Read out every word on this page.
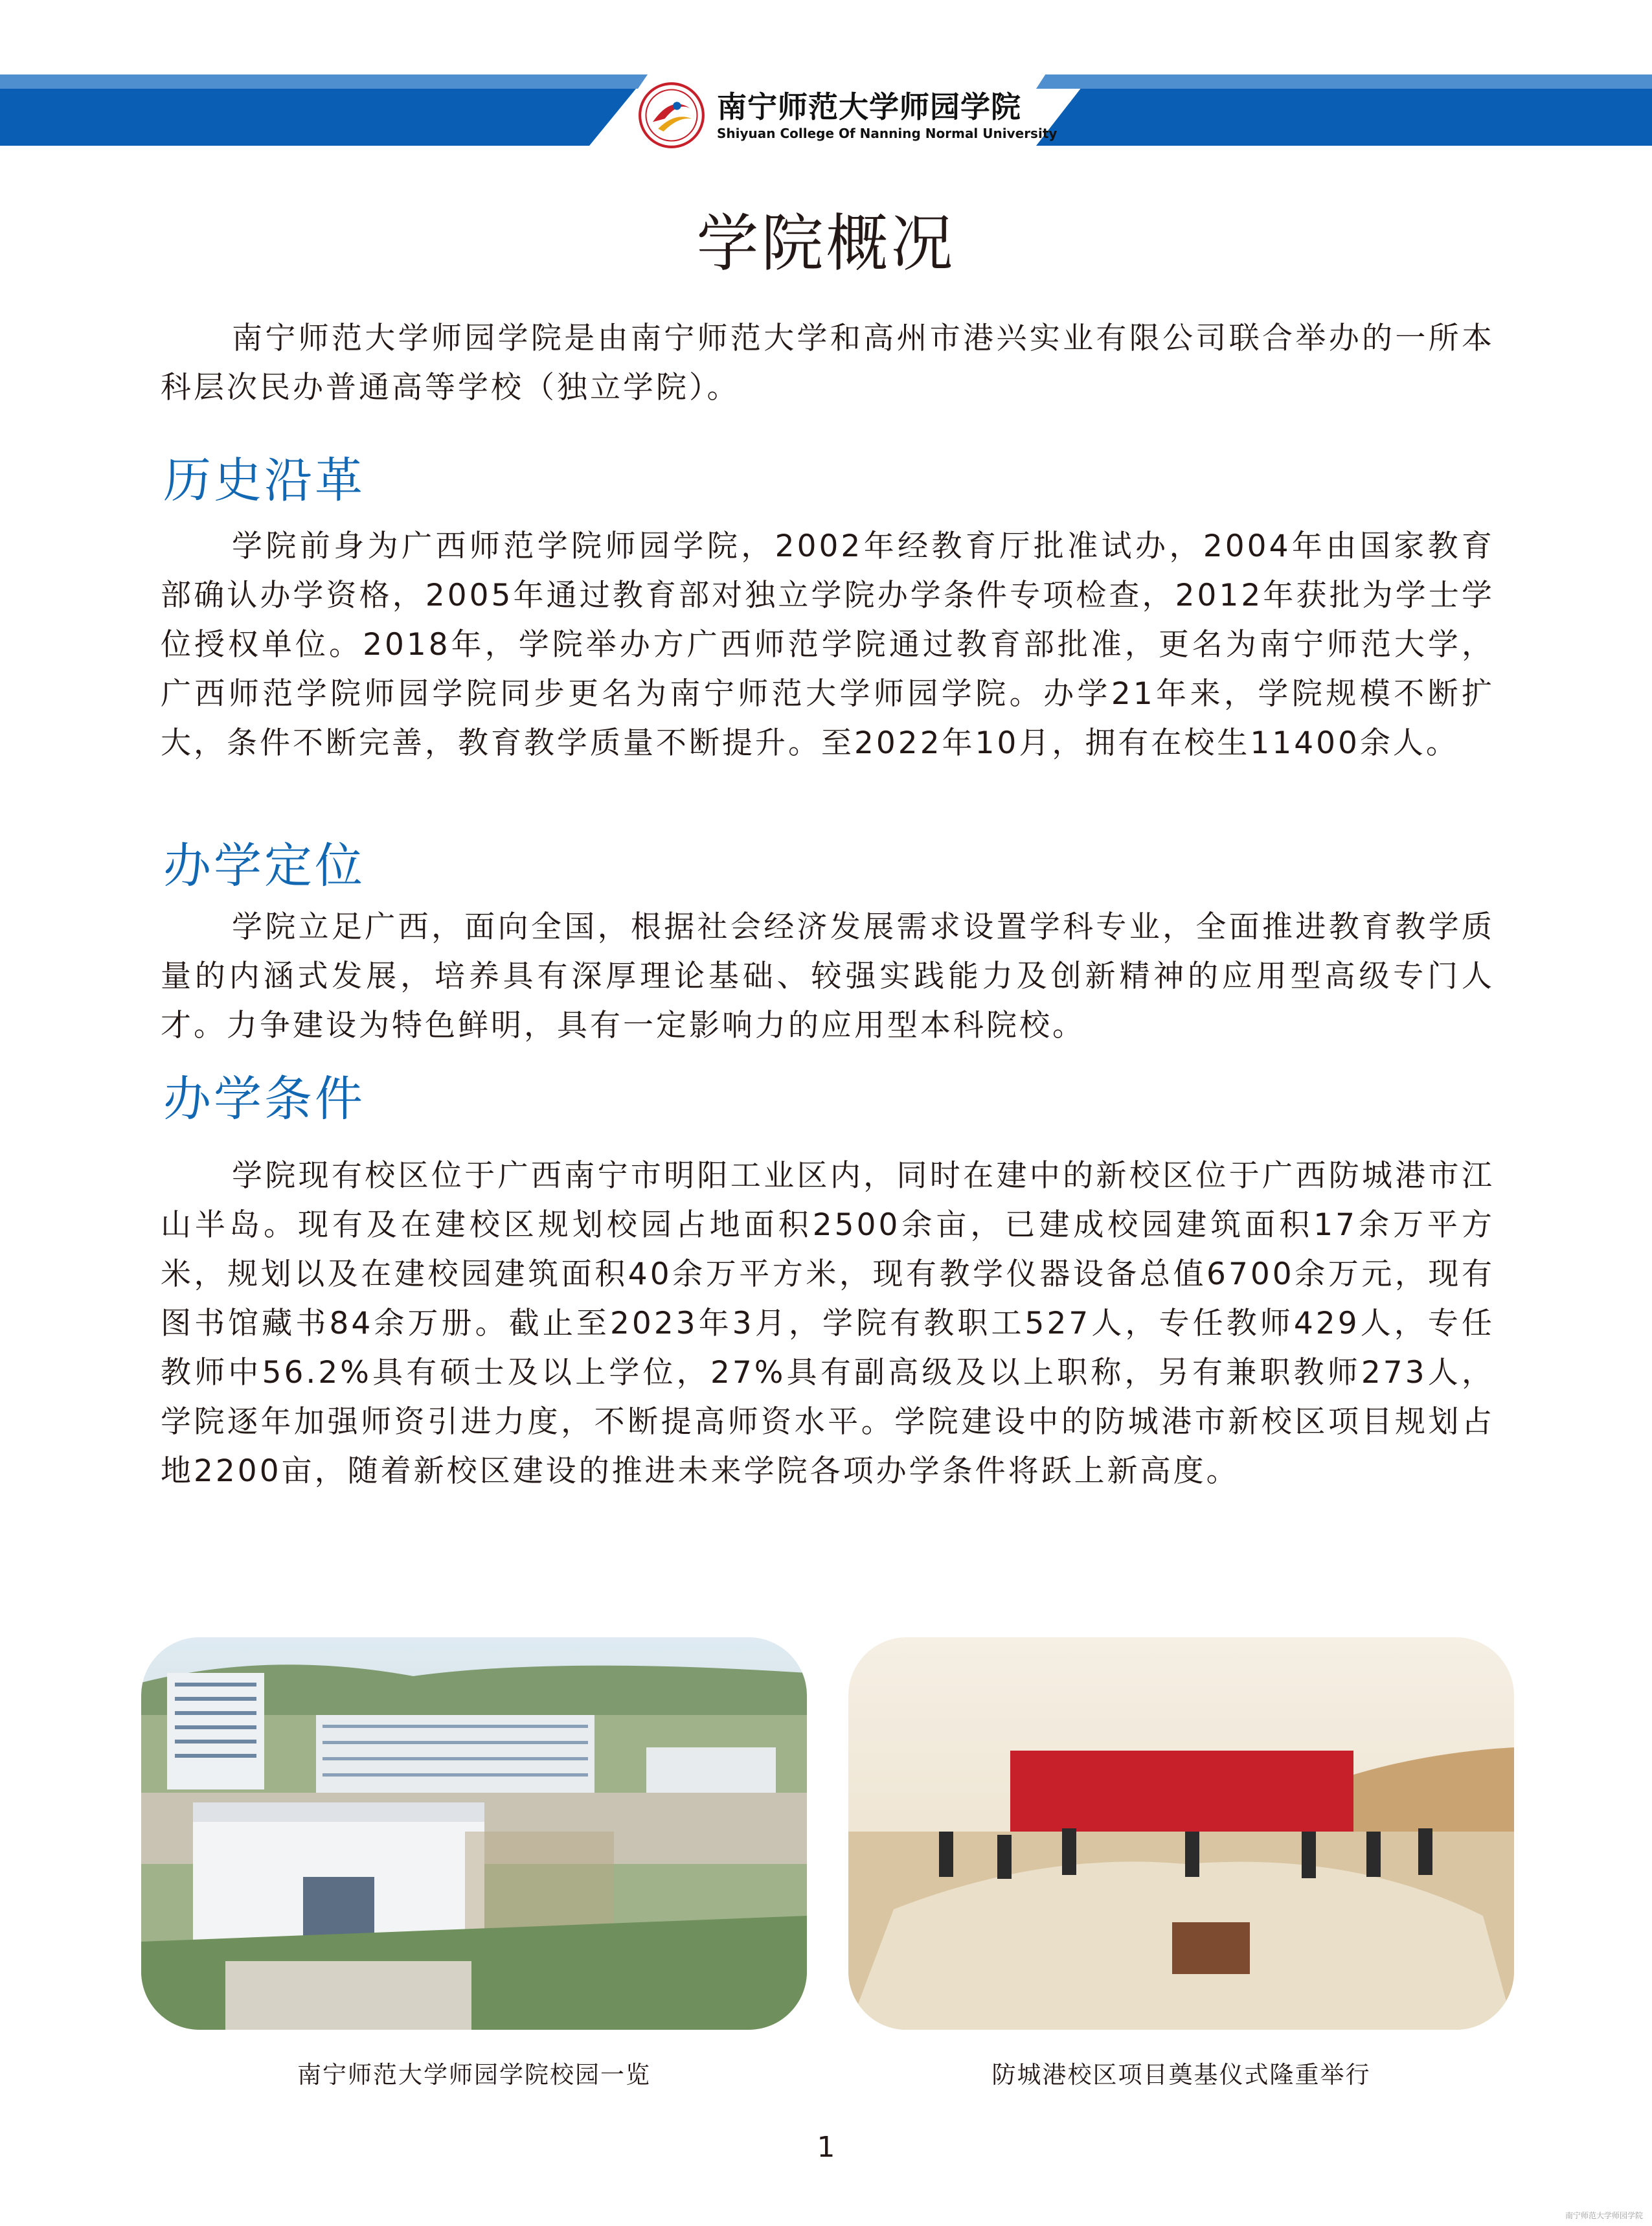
南宁师范大学师园学院
Shiyuan College Of Nanning Normal University
学院概况
南宁师范大学师园学院是由南宁师范大学和高州市港兴实业有限公司联合举办的一所本科层次民办普通高等学校（独立学院）。
历史沿革
学院前身为广西师范学院师园学院，2002年经教育厅批准试办，2004年由国家教育部确认办学资格，2005年通过教育部对独立学院办学条件专项检查，2012年获批为学士学位授权单位。2018年，学院举办方广西师范学院通过教育部批准，更名为南宁师范大学，广西师范学院师园学院同步更名为南宁师范大学师园学院。办学21年来，学院规模不断扩大，条件不断完善，教育教学质量不断提升。至2022年10月，拥有在校生11400余人。
办学定位
学院立足广西，面向全国，根据社会经济发展需求设置学科专业，全面推进教育教学质量的内涵式发展，培养具有深厚理论基础、较强实践能力及创新精神的应用型高级专门人才。力争建设为特色鲜明，具有一定影响力的应用型本科院校。
办学条件
学院现有校区位于广西南宁市明阳工业区内，同时在建中的新校区位于广西防城港市江山半岛。现有及在建校区规划校园占地面积2500余亩，已建成校园建筑面积17余万平方米，规划以及在建校园建筑面积40余万平方米，现有教学仪器设备总值6700余万元，现有图书馆藏书84余万册。截止至2023年3月，学院有教职工527人，专任教师429人，专任教师中56.2%具有硕士及以上学位，27%具有副高级及以上职称，另有兼职教师273人，学院逐年加强师资引进力度，不断提高师资水平。学院建设中的防城港市新校区项目规划占地2200亩，随着新校区建设的推进未来学院各项办学条件将跃上新高度。
南宁师范大学师园学院校园一览	防城港校区项目奠基仪式隆重举行
1
南宁师范大学师园学院
